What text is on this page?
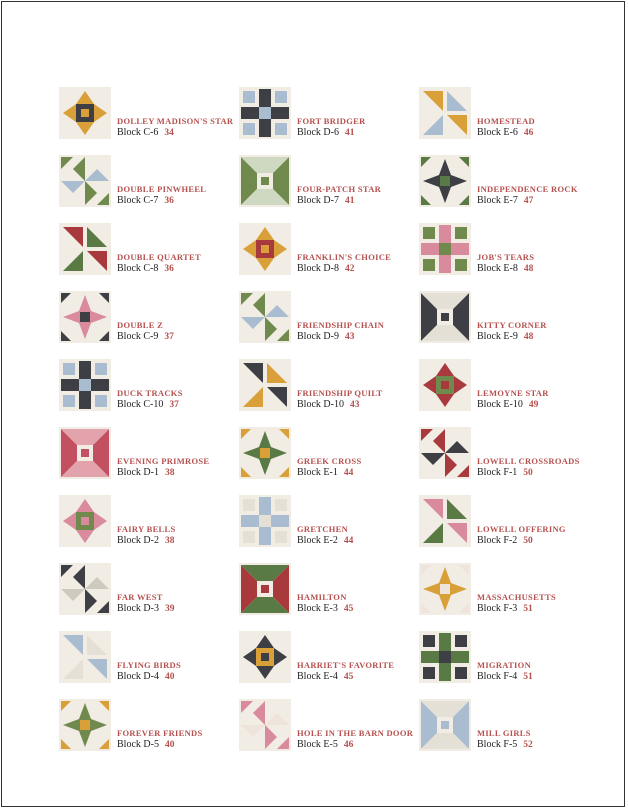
DOLLEY MADISON'S STAR
Block C-6 34
DOUBLE PINWHEEL
Block C-7 36
DOUBLE QUARTET
Block C-8 36
DOUBLE Z
Block C-9 37
DUCK TRACKS
Block C-10 37
EVENING PRIMROSE
Block D-1 38
FAIRY BELLS
Block D-2 38
FAR WEST
Block D-3 39
FLYING BIRDS
Block D-4 40
FOREVER FRIENDS
Block D-5 40
FORT BRIDGER
Block D-6 41
FOUR-PATCH STAR
Block D-7 41
FRANKLIN'S CHOICE
Block D-8 42
FRIENDSHIP CHAIN
Block D-9 43
FRIENDSHIP QUILT
Block D-10 43
GREEK CROSS
Block E-1 44
GRETCHEN
Block E-2 44
HAMILTON
Block E-3 45
HARRIET'S FAVORITE
Block E-4 45
HOLE IN THE BARN DOOR
Block E-5 46
HOMESTEAD
Block E-6 46
INDEPENDENCE ROCK
Block E-7 47
JOB'S TEARS
Block E-8 48
KITTY CORNER
Block E-9 48
LEMOYNE STAR
Block E-10 49
LOWELL CROSSROADS
Block F-1 50
LOWELL OFFERING
Block F-2 50
MASSACHUSETTS
Block F-3 51
MIGRATION
Block F-4 51
MILL GIRLS
Block F-5 52
